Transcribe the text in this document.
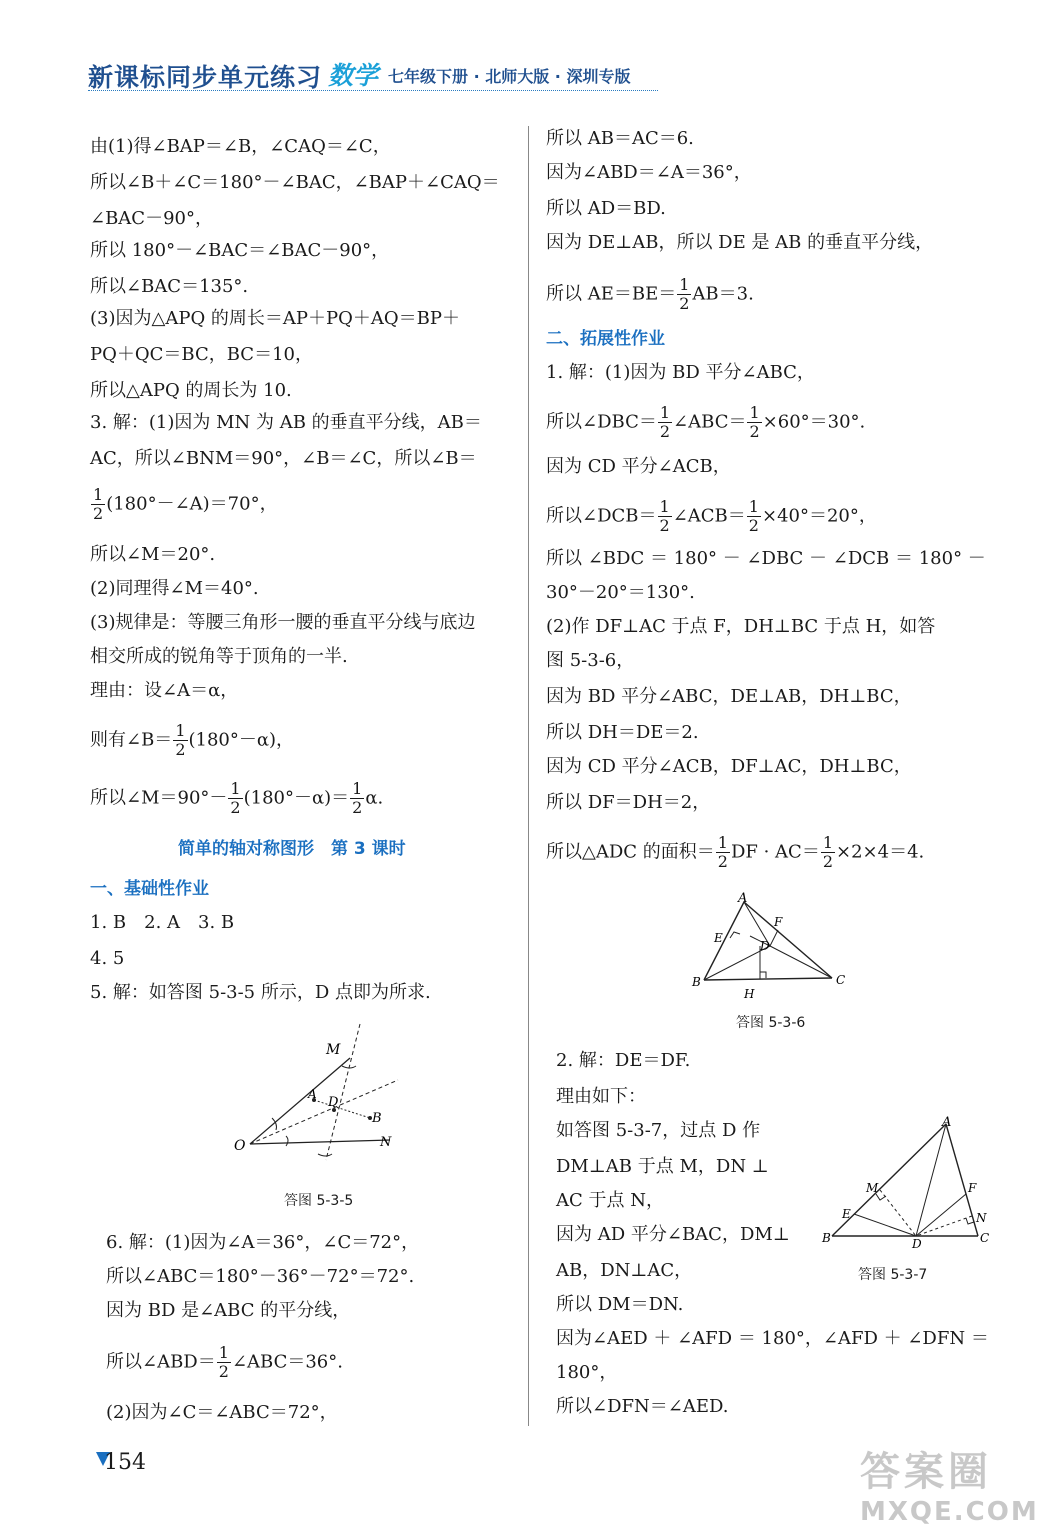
新课标同步单元练习 数学 七年级下册 · 北师大版 · 深圳专版
由(1)得∠BAP＝∠B，∠CAQ＝∠C，
所以∠B＋∠C＝180°－∠BAC，∠BAP＋∠CAQ＝
∠BAC－90°，
所以 180°－∠BAC＝∠BAC－90°，
所以∠BAC＝135°.
(3)因为△APQ 的周长＝AP＋PQ＋AQ＝BP＋
PQ＋QC＝BC，BC＝10，
所以△APQ 的周长为 10.
3. 解：(1)因为 MN 为 AB 的垂直平分线，AB＝
AC，所以∠BNM＝90°，∠B＝∠C，所以∠B＝
$\frac{1}{2}$ (180°－∠A)＝70°，
所以∠M＝20°.
(2)同理得∠M＝40°.
(3)规律是：等腰三角形一腰的垂直平分线与底边
相交所成的锐角等于顶角的一半.
理由：设∠A＝α，
则有∠B＝ $\frac{1}{2} (180^\circ-\alpha)$，
所以∠M＝90°－ $\frac{1}{2} (180^\circ-\alpha)= \frac{1}{2} \alpha$.
简单的轴对称图形　第 3 课时
一、基础性作业
1. B　2. A　3. B
4. 5
5. 解：如答图 5-3-5 所示，D 点即为所求.
M
A
D
B
O	N
答图 5-3-5
6. 解：(1)因为∠A＝36°，∠C＝72°，
所以∠ABC＝180°－36°－72°＝72°.
因为 BD 是∠ABC 的平分线，
所以∠ABD＝ $\frac{1}{2}$ ∠ABC＝36°.
(2)因为∠C＝∠ABC＝72°，
所以 AB＝AC＝6.
因为∠ABD＝∠A＝36°，
所以 AD＝BD.
因为 DE⊥AB，所以 DE 是 AB 的垂直平分线，
所以 $AE=BE= \frac{1}{2} AB=3$.
二、拓展性作业
1. 解：(1)因为 BD 平分∠ABC，
所以∠DBC＝ $\frac{1}{2}$ ∠ABC＝ $\frac{1}{2} \times 60^\circ=30^\circ$.
因为 CD 平分∠ACB，
所以∠DCB＝ $\frac{1}{2}$ ∠ACB＝ $\frac{1}{2} \times 40^\circ=20^\circ$，
所以 ∠BDC ＝ 180° － ∠DBC － ∠DCB ＝ 180° －
30°－20°＝130°.
(2)作 DF⊥AC 于点 F，DH⊥BC 于点 H，如答
图 5-3-6，
因为 BD 平分∠ABC，DE⊥AB，DH⊥BC，
所以 DH＝DE＝2.
因为 CD 平分∠ACB，DF⊥AC，DH⊥BC，
所以 DF＝DH＝2，
所以△ADC 的面积＝ $\frac{1}{2}$ DF · $AC= \frac{1}{2} \times 2\times 4=4$.
A
F
E
D
B
H
C
答图 5-3-6
2. 解：DE＝DF.
理由如下：
如答图 5-3-7，过点 D 作
DM⊥AB 于点 M，DN ⊥
AC 于点 N，
因为 AD 平分∠BAC，DM⊥
AB，DN⊥AC，
所以 DM＝DN.
因为∠AED ＋ ∠AFD ＝ 180°，∠AFD ＋ ∠DFN ＝
180°，
所以∠DFN＝∠AED.
A
M	F
E	N
B	D	C
答图 5-3-7
154	答案圈
MXQE.COM
